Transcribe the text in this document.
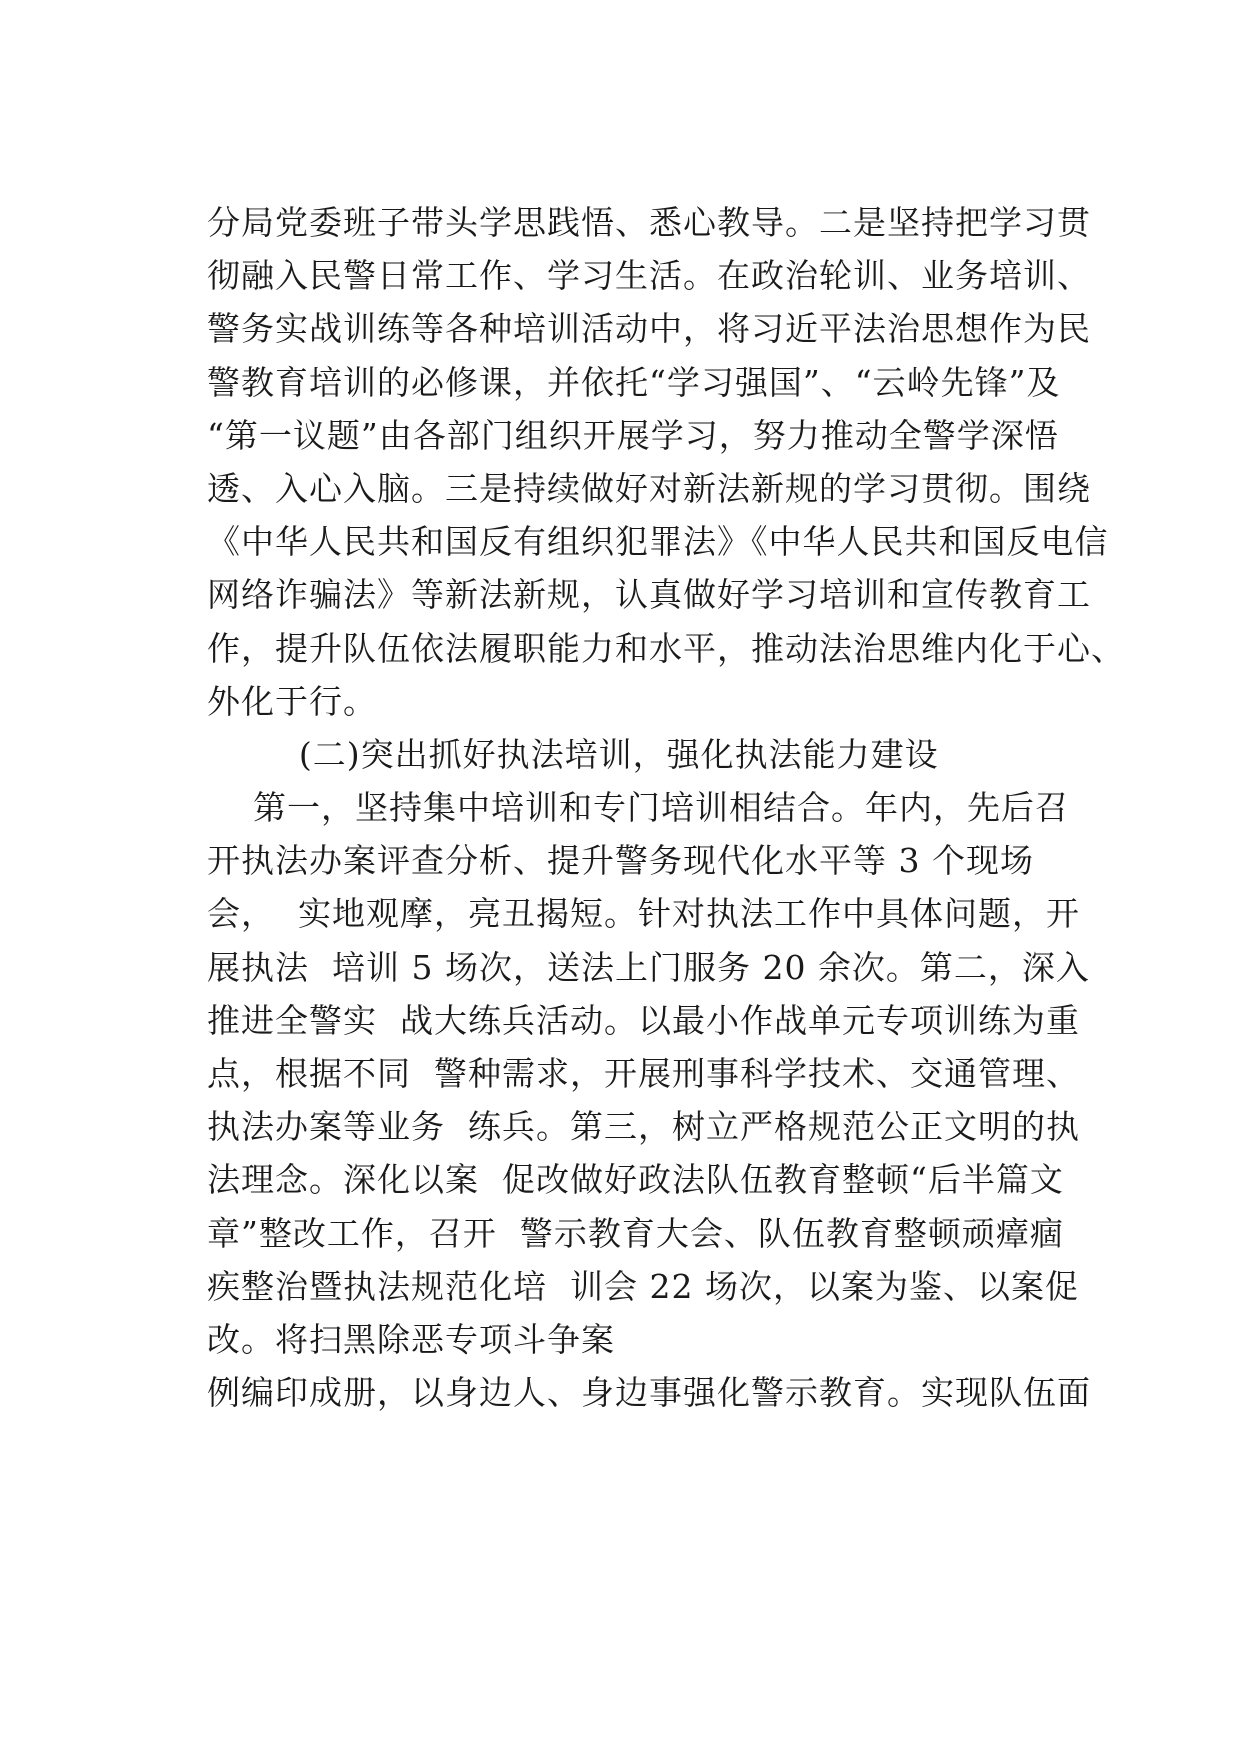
分局党委班子带头学思践悟、悉心教导。二是坚持把学习贯
彻融入民警日常工作、学习生活。在政治轮训、业务培训、
警务实战训练等各种培训活动中，将习近平法治思想作为民
警教育培训的必修课，并依托“学习强国”、“云岭先锋”及
“第一议题”由各部门组织开展学习，努力推动全警学深悟
透、入心入脑。三是持续做好对新法新规的学习贯彻。围绕
《中华人民共和国反有组织犯罪法》《中华人民共和国反电信
网络诈骗法》等新法新规，认真做好学习培训和宣传教育工
作，提升队伍依法履职能力和水平，推动法治思维内化于心、
外化于行。
(二)突出抓好执法培训，强化执法能力建设
第一，坚持集中培训和专门培训相结合。年内，先后召
开执法办案评查分析、提升警务现代化水平等 3 个现场
会，  实地观摩，亮丑揭短。针对执法工作中具体问题，开
展执法  培训 5 场次，送法上门服务 20 余次。第二，深入
推进全警实  战大练兵活动。以最小作战单元专项训练为重
点，根据不同  警种需求，开展刑事科学技术、交通管理、
执法办案等业务  练兵。第三，树立严格规范公正文明的执
法理念。深化以案  促改做好政法队伍教育整顿“后半篇文
章”整改工作，召开  警示教育大会、队伍教育整顿顽瘴痼
疾整治暨执法规范化培  训会 22 场次，以案为鉴、以案促
改。将扫黑除恶专项斗争案
例编印成册，以身边人、身边事强化警示教育。实现队伍面
